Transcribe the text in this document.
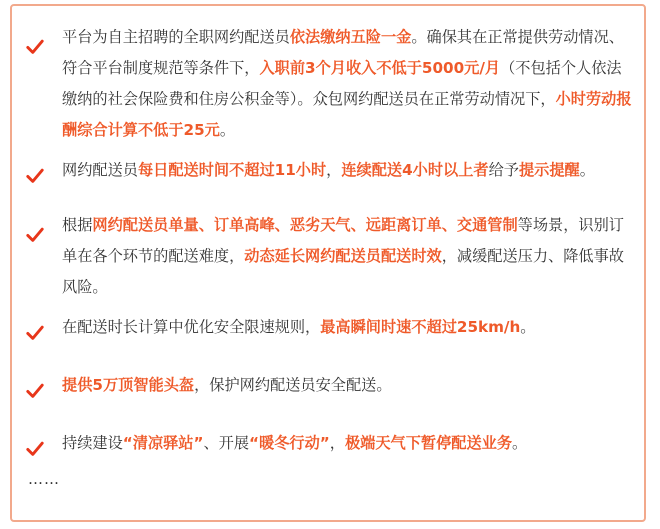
平台为自主招聘的全职网约配送员依法缴纳五险一金。确保其在正常提供劳动情况、符合平台制度规范等条件下，入职前3个月收入不低于5000元/月（不包括个人依法缴纳的社会保险费和住房公积金等）。众包网约配送员在正常劳动情况下，小时劳动报酬综合计算不低于25元。
网约配送员每日配送时间不超过11小时，连续配送4小时以上者给予提示提醒。
根据网约配送员单量、订单高峰、恶劣天气、远距离订单、交通管制等场景，识别订单在各个环节的配送难度，动态延长网约配送员配送时效，减缓配送压力、降低事故风险。
在配送时长计算中优化安全限速规则，最高瞬间时速不超过25km/h。
提供5万顶智能头盔，保护网约配送员安全配送。
持续建设“清凉驿站”、开展“暖冬行动”，极端天气下暂停配送业务。
……
